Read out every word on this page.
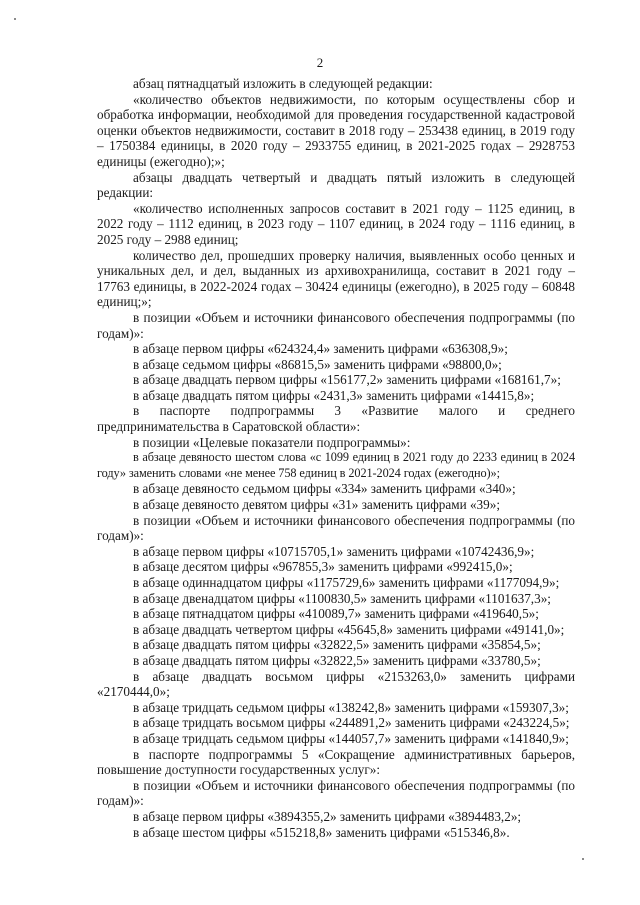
2

абзац пятнадцатый изложить в следующей редакции:

«количество объектов недвижимости, по которым осуществлены сбор и обработка информации, необходимой для проведения государственной кадастровой оценки объектов недвижимости, составит в 2018 году – 253438 единиц, в 2019 году – 1750384 единицы, в 2020 году – 2933755 единиц, в 2021-2025 годах – 2928753 единицы (ежегодно);»;

абзацы двадцать четвертый и двадцать пятый изложить в следующей редакции:

«количество исполненных запросов составит в 2021 году – 1125 единиц, в 2022 году – 1112 единиц, в 2023 году – 1107 единиц, в 2024 году – 1116 единиц, в 2025 году – 2988 единиц;

количество дел, прошедших проверку наличия, выявленных особо ценных и уникальных дел, и дел, выданных из архивохранилища, составит в 2021 году – 17763 единицы, в 2022-2024 годах – 30424 единицы (ежегодно), в 2025 году – 60848 единиц;»;

в позиции «Объем и источники финансового обеспечения подпрограммы (по годам)»:

в абзаце первом цифры «624324,4» заменить цифрами «636308,9»;

в абзаце седьмом цифры «86815,5» заменить цифрами «98800,0»;

в абзаце двадцать первом цифры «156177,2» заменить цифрами «168161,7»;

в абзаце двадцать пятом цифры «2431,3» заменить цифрами «14415,8»;

в паспорте подпрограммы 3 «Развитие малого и среднего предпринимательства в Саратовской области»:

в позиции «Целевые показатели подпрограммы»:

в абзаце девяносто шестом слова «с 1099 единиц в 2021 году до 2233 единиц в 2024 году» заменить словами «не менее 758 единиц в 2021-2024 годах (ежегодно)»;

в абзаце девяносто седьмом цифры «334» заменить цифрами «340»;

в абзаце девяносто девятом цифры «31» заменить цифрами «39»;

в позиции «Объем и источники финансового обеспечения подпрограммы (по годам)»:

в абзаце первом цифры «10715705,1» заменить цифрами «10742436,9»;

в абзаце десятом цифры «967855,3» заменить цифрами «992415,0»;

в абзаце одиннадцатом цифры «1175729,6» заменить цифрами «1177094,9»;

в абзаце двенадцатом цифры «1100830,5» заменить цифрами «1101637,3»;

в абзаце пятнадцатом цифры «410089,7» заменить цифрами «419640,5»;

в абзаце двадцать четвертом цифры «45645,8» заменить цифрами «49141,0»;

в абзаце двадцать пятом цифры «32822,5» заменить цифрами «35854,5»;

в абзаце двадцать пятом цифры «32822,5» заменить цифрами «33780,5»;

в абзаце двадцать восьмом цифры «2153263,0» заменить цифрами «2170444,0»;

в абзаце тридцать седьмом цифры «138242,8» заменить цифрами «159307,3»;

в абзаце тридцать восьмом цифры «244891,2» заменить цифрами «243224,5»;

в абзаце тридцать седьмом цифры «144057,7» заменить цифрами «141840,9»;

в паспорте подпрограммы 5 «Сокращение административных барьеров, повышение доступности государственных услуг»:

в позиции «Объем и источники финансового обеспечения подпрограммы (по годам)»:

в абзаце первом цифры «3894355,2» заменить цифрами «3894483,2»;

в абзаце шестом цифры «515218,8» заменить цифрами «515346,8».
